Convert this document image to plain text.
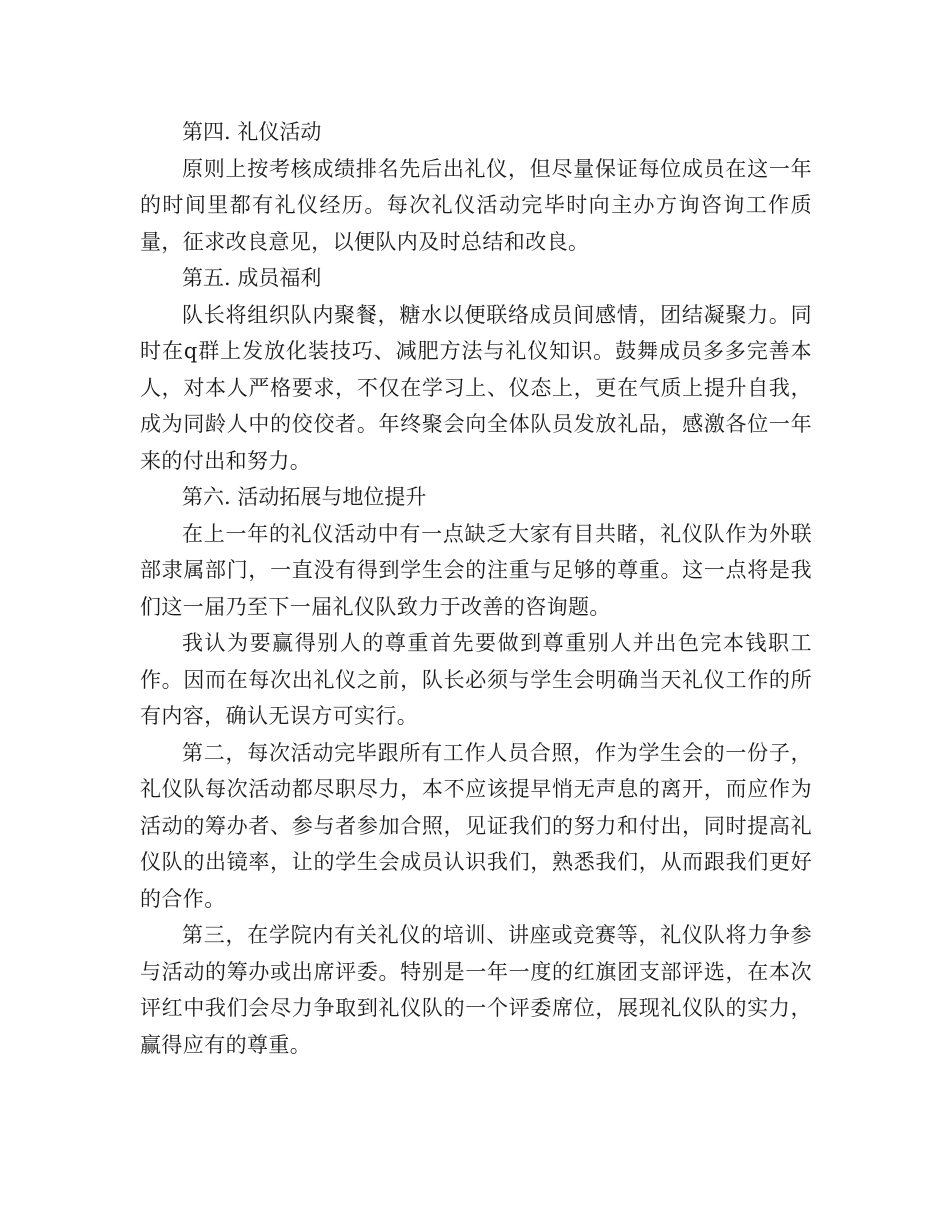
第四. 礼仪活动

原则上按考核成绩排名先后出礼仪，但尽量保证每位成员在这一年的时间里都有礼仪经历。每次礼仪活动完毕时向主办方询咨询工作质量，征求改良意见，以便队内及时总结和改良。

第五. 成员福利

队长将组织队内聚餐，糖水以便联络成员间感情，团结凝聚力。同时在q群上发放化装技巧、减肥方法与礼仪知识。鼓舞成员多多完善本人，对本人严格要求，不仅在学习上、仪态上，更在气质上提升自我，成为同龄人中的佼佼者。年终聚会向全体队员发放礼品，感激各位一年来的付出和努力。

第六. 活动拓展与地位提升

在上一年的礼仪活动中有一点缺乏大家有目共睹，礼仪队作为外联部隶属部门，一直没有得到学生会的注重与足够的尊重。这一点将是我们这一届乃至下一届礼仪队致力于改善的咨询题。

我认为要赢得别人的尊重首先要做到尊重别人并出色完本钱职工作。因而在每次出礼仪之前，队长必须与学生会明确当天礼仪工作的所有内容，确认无误方可实行。

第二，每次活动完毕跟所有工作人员合照，作为学生会的一份子，礼仪队每次活动都尽职尽力，本不应该提早悄无声息的离开，而应作为活动的筹办者、参与者参加合照，见证我们的努力和付出，同时提高礼仪队的出镜率，让的学生会成员认识我们，熟悉我们，从而跟我们更好的合作。

第三，在学院内有关礼仪的培训、讲座或竞赛等，礼仪队将力争参与活动的筹办或出席评委。特别是一年一度的红旗团支部评选，在本次评红中我们会尽力争取到礼仪队的一个评委席位，展现礼仪队的实力，赢得应有的尊重。
